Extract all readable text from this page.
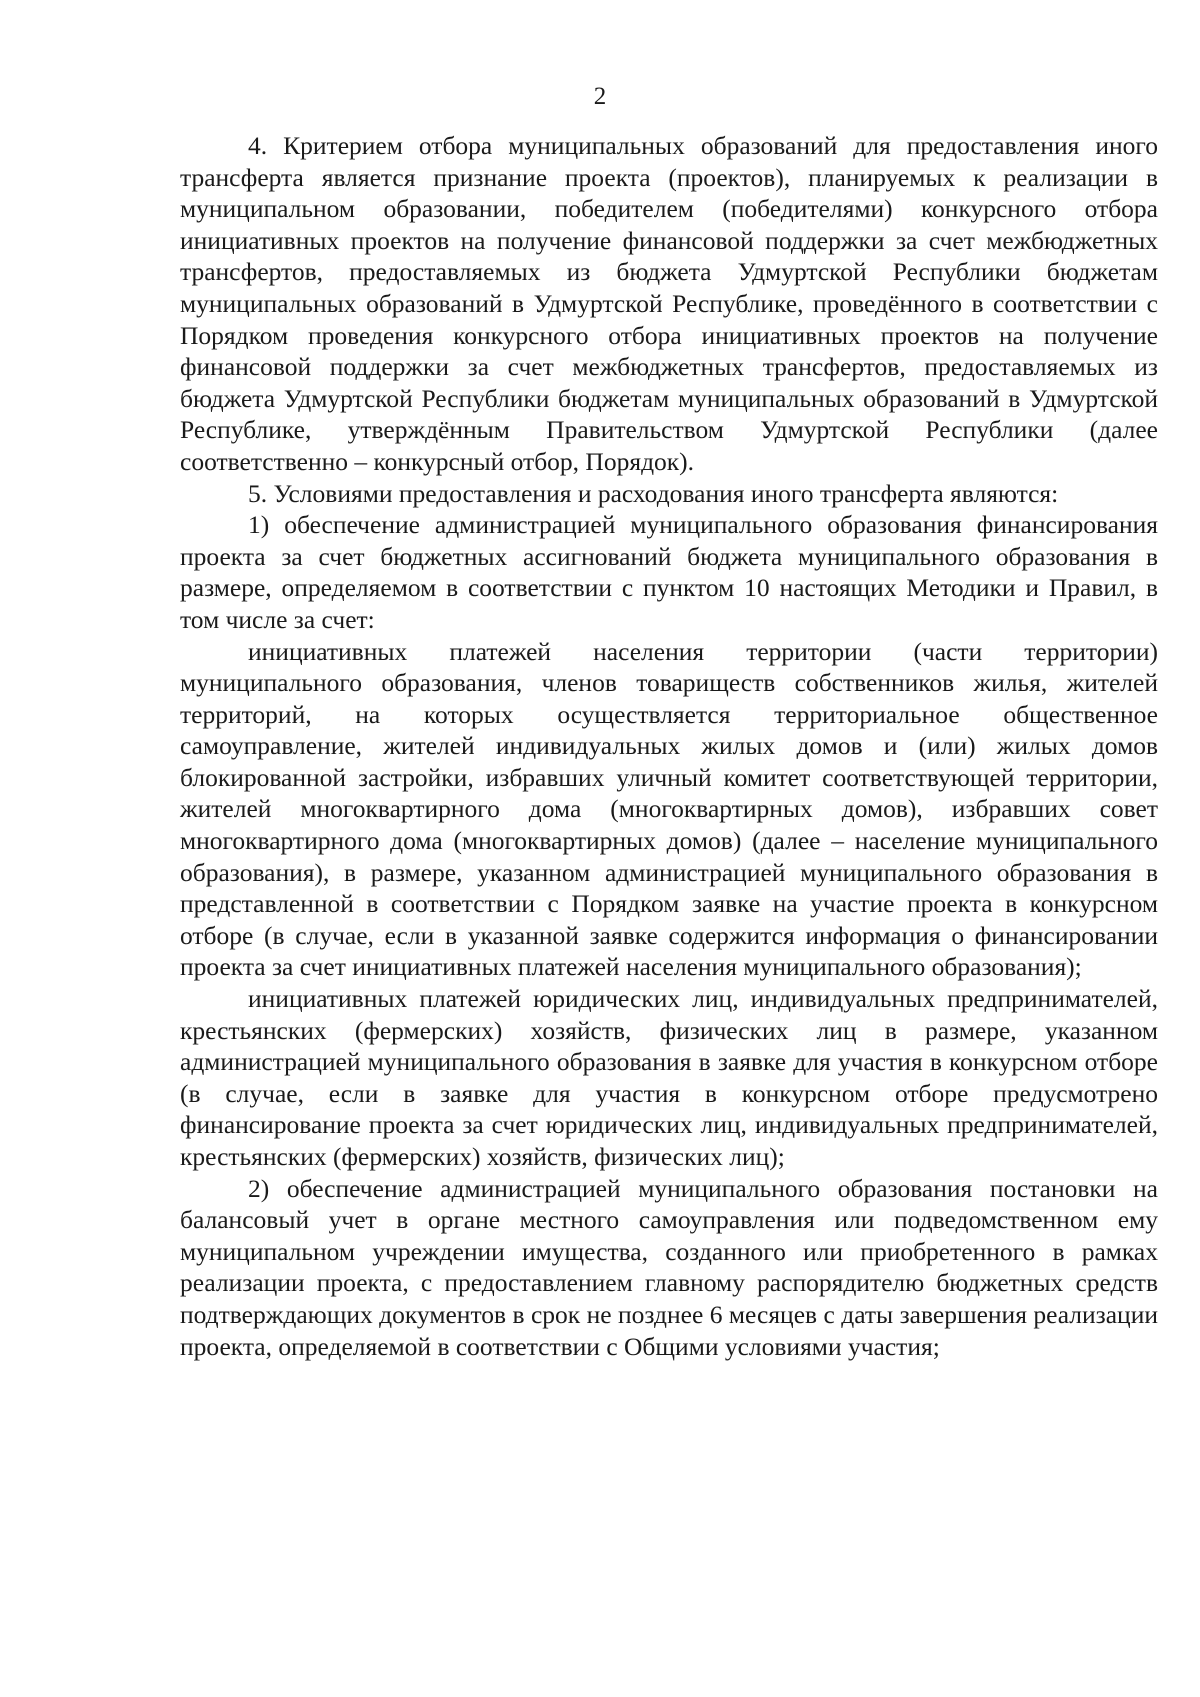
2

4. Критерием отбора муниципальных образований для предоставления иного трансферта является признание проекта (проектов), планируемых к реализации в муниципальном образовании, победителем (победителями) конкурсного отбора инициативных проектов на получение финансовой поддержки за счет межбюджетных трансфертов, предоставляемых из бюджета Удмуртской Республики бюджетам муниципальных образований в Удмуртской Республике, проведённого в соответствии с Порядком проведения конкурсного отбора инициативных проектов на получение финансовой поддержки за счет межбюджетных трансфертов, предоставляемых из бюджета Удмуртской Республики бюджетам муниципальных образований в Удмуртской Республике, утверждённым Правительством Удмуртской Республики (далее соответственно – конкурсный отбор, Порядок).

5. Условиями предоставления и расходования иного трансферта являются:

1) обеспечение администрацией муниципального образования финансирования проекта за счет бюджетных ассигнований бюджета муниципального образования в размере, определяемом в соответствии с пунктом 10 настоящих Методики и Правил, в том числе за счет:

инициативных платежей населения территории (части территории) муниципального образования, членов товариществ собственников жилья, жителей территорий, на которых осуществляется территориальное общественное самоуправление, жителей индивидуальных жилых домов и (или) жилых домов блокированной застройки, избравших уличный комитет соответствующей территории, жителей многоквартирного дома (многоквартирных домов), избравших совет многоквартирного дома (многоквартирных домов) (далее – население муниципального образования), в размере, указанном администрацией муниципального образования в представленной в соответствии с Порядком заявке на участие проекта в конкурсном отборе (в случае, если в указанной заявке содержится информация о финансировании проекта за счет инициативных платежей населения муниципального образования);

инициативных платежей юридических лиц, индивидуальных предпринимателей, крестьянских (фермерских) хозяйств, физических лиц в размере, указанном администрацией муниципального образования в заявке для участия в конкурсном отборе (в случае, если в заявке для участия в конкурсном отборе предусмотрено финансирование проекта за счет юридических лиц, индивидуальных предпринимателей, крестьянских (фермерских) хозяйств, физических лиц);

2) обеспечение администрацией муниципального образования постановки на балансовый учет в органе местного самоуправления или подведомственном ему муниципальном учреждении имущества, созданного или приобретенного в рамках реализации проекта, с предоставлением главному распорядителю бюджетных средств подтверждающих документов в срок не позднее 6 месяцев с даты завершения реализации проекта, определяемой в соответствии с Общими условиями участия;
